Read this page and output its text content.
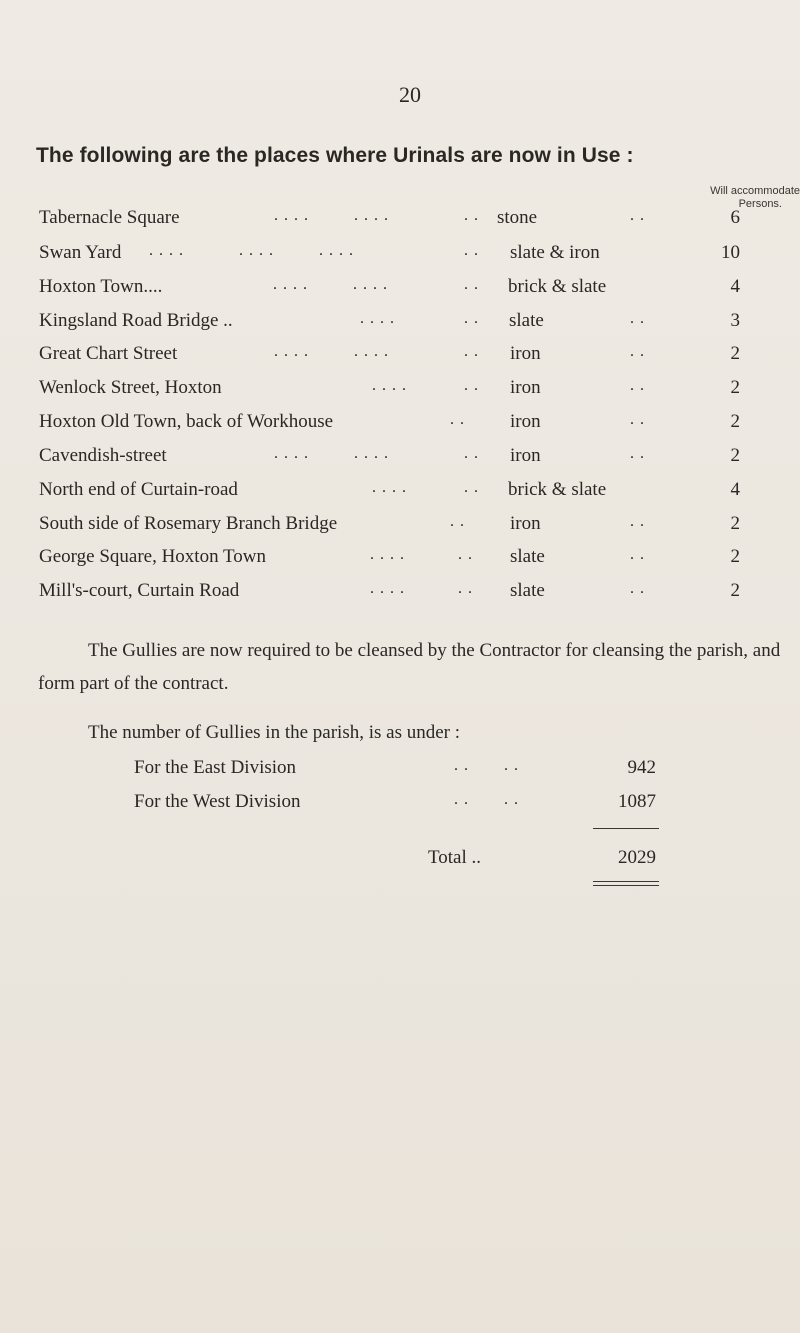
20
The following are the places where Urinals are now in Use :
Will accommodate
Persons.
Tabernacle Square	. . . .         . . . .	. . stone	. .	6
Swan Yard . . . .           . . . .         . . . .	. . slate & iron	10
Hoxton Town....	. . . .         . . . .	. . brick & slate	4
Kingsland Road Bridge ..	. . . .	. . slate	. .	3
Great Chart Street	. . . .         . . . .	. . iron	. .	2
Wenlock Street, Hoxton	. . . .	. . iron	. .	2
Hoxton Old Town, back of Workhouse	. . iron	. .	2
Cavendish-street	. . . .         . . . .	. . iron	. .	2
North end of Curtain-road	. . . .	. . brick & slate	4
South side of Rosemary Branch Bridge	. . iron	. .	2
George Square, Hoxton Town	. . . .	. . slate	. .	2
Mill's-court, Curtain Road	. . . .	. . slate	. .	2
The Gullies are now required to be cleansed by the Contractor for cleansing the parish, and form part of the contract.
The number of Gullies in the parish, is as under :
For the East Division	. .       . .	942
For the West Division	. .       . .	1087
Total ..	2029
